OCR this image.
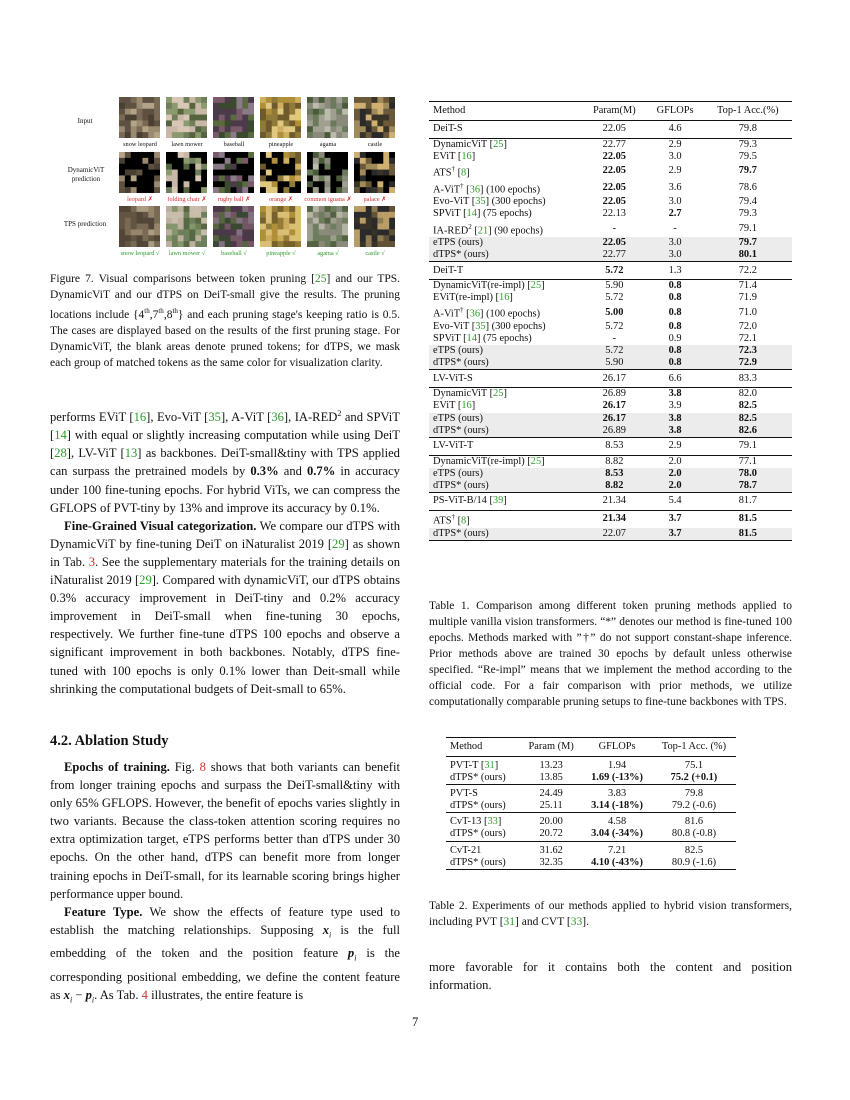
Input
DynamicViT prediction
TPS prediction
snow leopard	lawn mower	baseball	pineapple	agama	castle
leopard ✗	folding chair ✗	rugby ball ✗	orange ✗	common iguana ✗	palace ✗
snow leopard √	lawn mower √	baseball √	pineapple √	agama √	castle √
Figure 7. Visual comparisons between token pruning [25] and our TPS. DynamicViT and our dTPS on DeiT-small give the results. The pruning locations include {4th,7th,8th} and each pruning stage's keeping ratio is 0.5. The cases are displayed based on the results of the first pruning stage. For DynamicViT, the blank areas denote pruned tokens; for dTPS, we mask each group of matched tokens as the same color for visualization clarity.

performs EViT [16], Evo-ViT [35], A-ViT [36], IA-RED$^2$ and SPViT [14] with equal or slightly increasing computation while using DeiT [28], LV-ViT [13] as backbones. DeiT-small&tiny with TPS applied can surpass the pretrained models by 0.3% and 0.7% in accuracy under 100 fine-tuning epochs. For hybrid ViTs, we can compress the GFLOPS of PVT-tiny by 13% and improve its accuracy by 0.1%.

Fine-Grained Visual categorization. We compare our dTPS with DynamicViT by fine-tuning DeiT on iNaturalist 2019 [29] as shown in Tab. 3. See the supplementary materials for the training details on iNaturalist 2019 [29]. Compared with dynamicViT, our dTPS obtains 0.3% accuracy improvement in DeiT-tiny and 0.2% accuracy improvement in DeiT-small when fine-tuning 30 epochs, respectively. We further fine-tune dTPS 100 epochs and observe a significant improvement in both backbones. Notably, dTPS fine-tuned with 100 epochs is only 0.1% lower than Deit-small while shrinking the computational budgets of Deit-small to 65%.

4.2. Ablation Study

Epochs of training. Fig. 8 shows that both variants can benefit from longer training epochs and surpass the DeiT-small&tiny with only 65% GFLOPS. However, the benefit of epochs varies slightly in two variants. Because the class-token attention scoring requires no extra optimization target, eTPS performs better than dTPS under 30 epochs. On the other hand, dTPS can benefit more from longer training epochs in DeiT-small, for its learnable scoring brings higher performance upper bound.

Feature Type. We show the effects of feature type used to establish the matching relationships. Supposing $x_i$ is the full embedding of the token and the position feature $p_i$ is the corresponding positional embedding, we define the content feature as $x_i - p_i$. As Tab. 4 illustrates, the entire feature is

Method	Param(M)	GFLOPs	Top-1 Acc.(%)
DeiT-S	22.05	4.6	79.8
DynamicViT [25]	22.77	2.9	79.3
EViT [16]	22.05	3.0	79.5
ATS† [8]	22.05	2.9	79.7
A-ViT† [36] (100 epochs)	22.05	3.6	78.6
Evo-ViT [35] (300 epochs)	22.05	3.0	79.4
SPViT [14] (75 epochs)	22.13	2.7	79.3
IA-RED$^2$ [21] (90 epochs)	-	-	79.1
eTPS (ours)	22.05	3.0	79.7
dTPS* (ours)	22.77	3.0	80.1
DeiT-T	5.72	1.3	72.2
DynamicViT(re-impl) [25]	5.90	0.8	71.4
EViT(re-impl) [16]	5.72	0.8	71.9
A-ViT† [36] (100 epochs)	5.00	0.8	71.0
Evo-ViT [35] (300 epochs)	5.72	0.8	72.0
SPViT [14] (75 epochs)	-	0.9	72.1
eTPS (ours)	5.72	0.8	72.3
dTPS* (ours)	5.90	0.8	72.9
LV-ViT-S	26.17	6.6	83.3
DynamicViT [25]	26.89	3.8	82.0
EViT [16]	26.17	3.9	82.5
eTPS (ours)	26.17	3.8	82.5
dTPS* (ours)	26.89	3.8	82.6
LV-ViT-T	8.53	2.9	79.1
DynamicViT(re-impl) [25]	8.82	2.0	77.1
eTPS (ours)	8.53	2.0	78.0
dTPS* (ours)	8.82	2.0	78.7
PS-ViT-B/14 [39]	21.34	5.4	81.7
ATS† [8]	21.34	3.7	81.5
dTPS* (ours)	22.07	3.7	81.5
Table 1. Comparison among different token pruning methods applied to multiple vanilla vision transformers. “*” denotes our method is fine-tuned 100 epochs. Methods marked with ”†” do not support constant-shape inference. Prior methods above are trained 30 epochs by default unless otherwise specified. “Re-impl” means that we implement the method according to the official code. For a fair comparison with prior methods, we utilize computationally comparable pruning setups to fine-tune backbones with TPS.
Method	Param (M)	GFLOPs	Top-1 Acc. (%)
PVT-T [31]	13.23	1.94	75.1
dTPS* (ours)	13.85	1.69 (-13%)	75.2 (+0.1)
PVT-S	24.49	3.83	79.8
dTPS* (ours)	25.11	3.14 (-18%)	79.2 (-0.6)
CvT-13 [33]	20.00	4.58	81.6
dTPS* (ours)	20.72	3.04 (-34%)	80.8 (-0.8)
CvT-21	31.62	7.21	82.5
dTPS* (ours)	32.35	4.10 (-43%)	80.9 (-1.6)
Table 2. Experiments of our methods applied to hybrid vision transformers, including PVT [31] and CVT [33].
more favorable for it contains both the content and position information.
7
